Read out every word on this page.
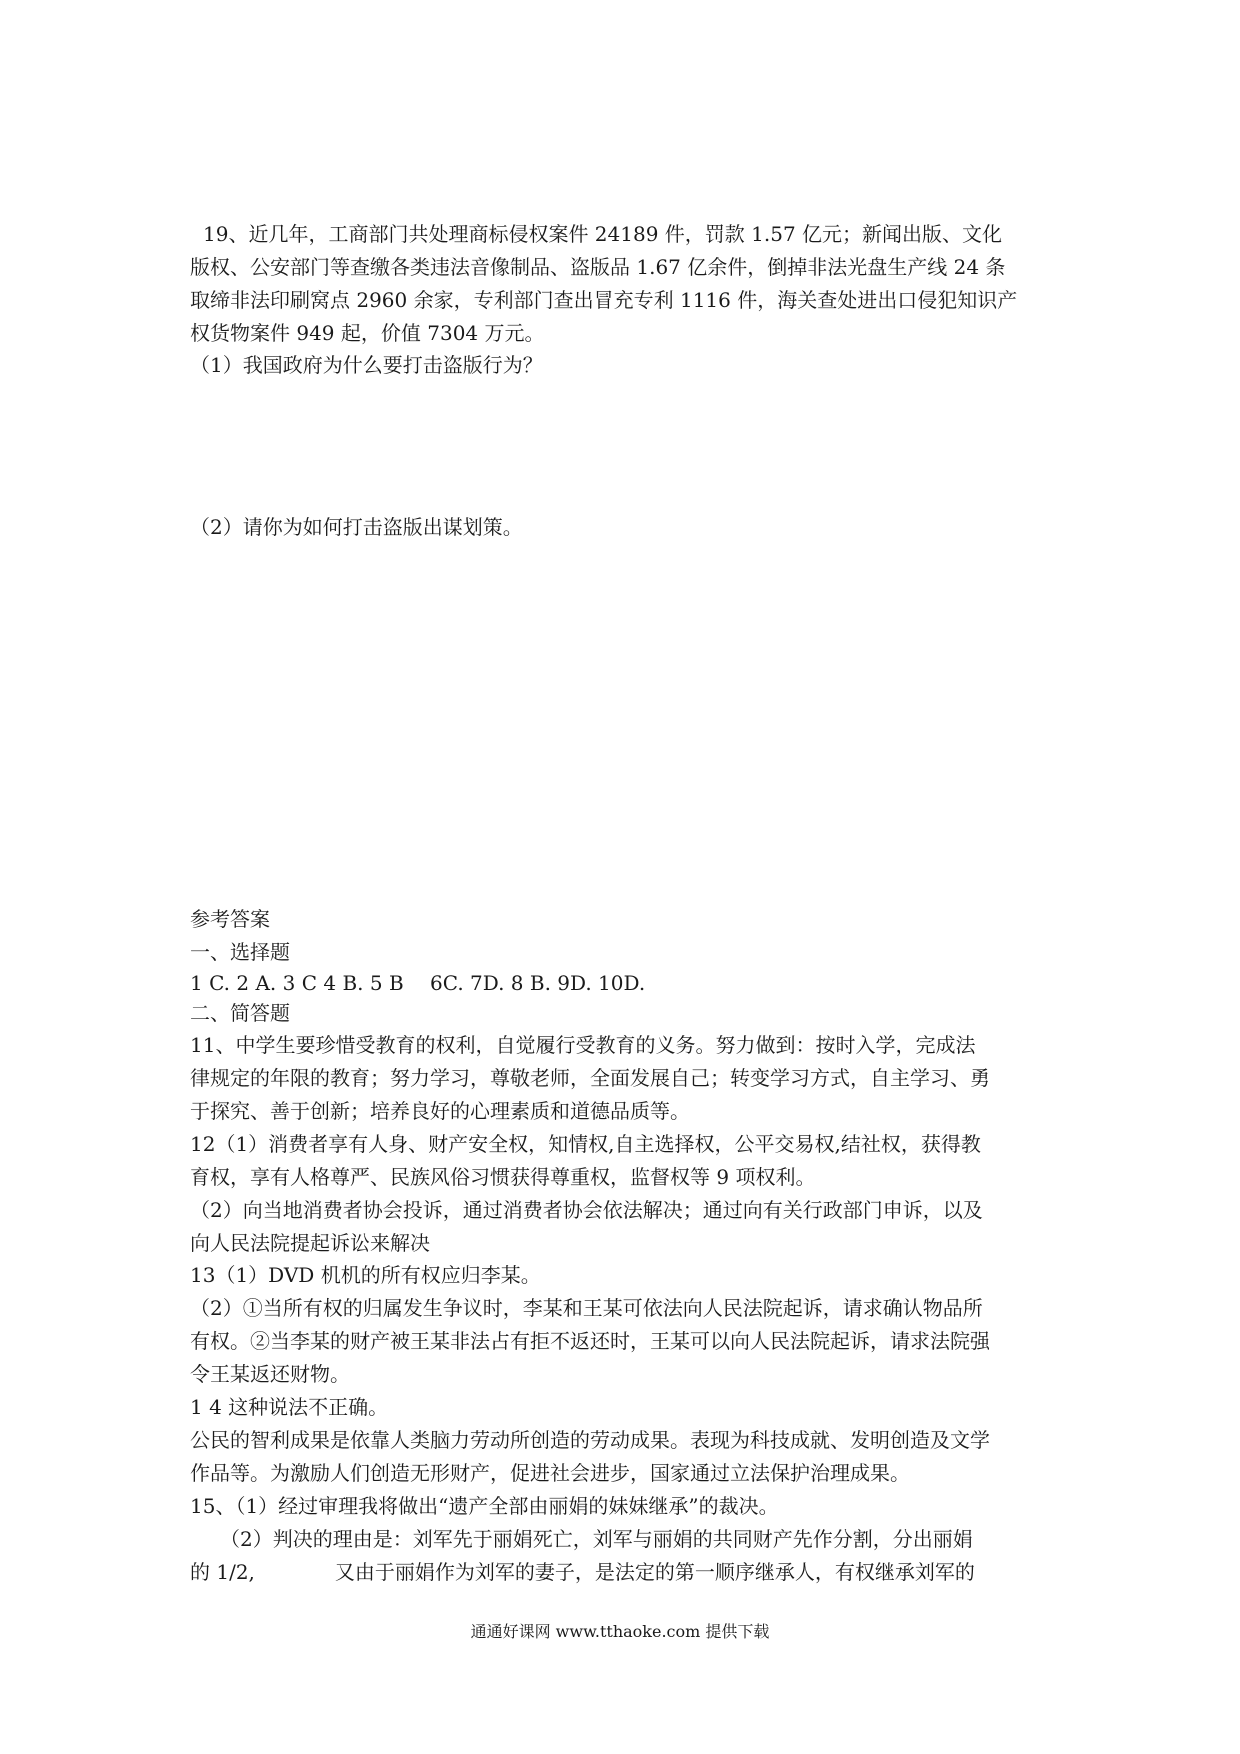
19、近几年，工商部门共处理商标侵权案件 24189 件，罚款 1.57 亿元；新闻出版、文化

版权、公安部门等查缴各类违法音像制品、盗版品 1.67 亿余件，倒掉非法光盘生产线 24 条

取缔非法印刷窝点 2960 余家，专利部门查出冒充专利 1116 件，海关查处进出口侵犯知识产

权货物案件 949 起，价值 7304 万元。

（1）我国政府为什么要打击盗版行为？

（2）请你为如何打击盗版出谋划策。

参考答案

一、选择题

1 C. 2 A. 3 C 4 B. 5 B　 6C. 7D. 8 B. 9D. 10D.

二、简答题

11、中学生要珍惜受教育的权利，自觉履行受教育的义务。努力做到：按时入学，完成法

律规定的年限的教育；努力学习，尊敬老师，全面发展自己；转变学习方式，自主学习、勇

于探究、善于创新；培养良好的心理素质和道德品质等。

12（1）消费者享有人身、财产安全权，知情权,自主选择权，公平交易权,结社权，获得教

育权，享有人格尊严、民族风俗习惯获得尊重权，监督权等 9 项权利。

（2）向当地消费者协会投诉，通过消费者协会依法解决；通过向有关行政部门申诉，以及

向人民法院提起诉讼来解决

13（1）DVD 机机的所有权应归李某。

（2）①当所有权的归属发生争议时，李某和王某可依法向人民法院起诉，请求确认物品所

有权。②当李某的财产被王某非法占有拒不返还时，王某可以向人民法院起诉，请求法院强

令王某返还财物。

1 4 这种说法不正确。

公民的智利成果是依靠人类脑力劳动所创造的劳动成果。表现为科技成就、发明创造及文学

作品等。为激励人们创造无形财产，促进社会进步，国家通过立法保护治理成果。

15、（1）经过审理我将做出“遗产全部由丽娟的妹妹继承”的裁决。

　　（2）判决的理由是：刘军先于丽娟死亡，刘军与丽娟的共同财产先作分割，分出丽娟

的 1/2,　　　　又由于丽娟作为刘军的妻子，是法定的第一顺序继承人，有权继承刘军的

通通好课网 www.tthaoke.com 提供下载
